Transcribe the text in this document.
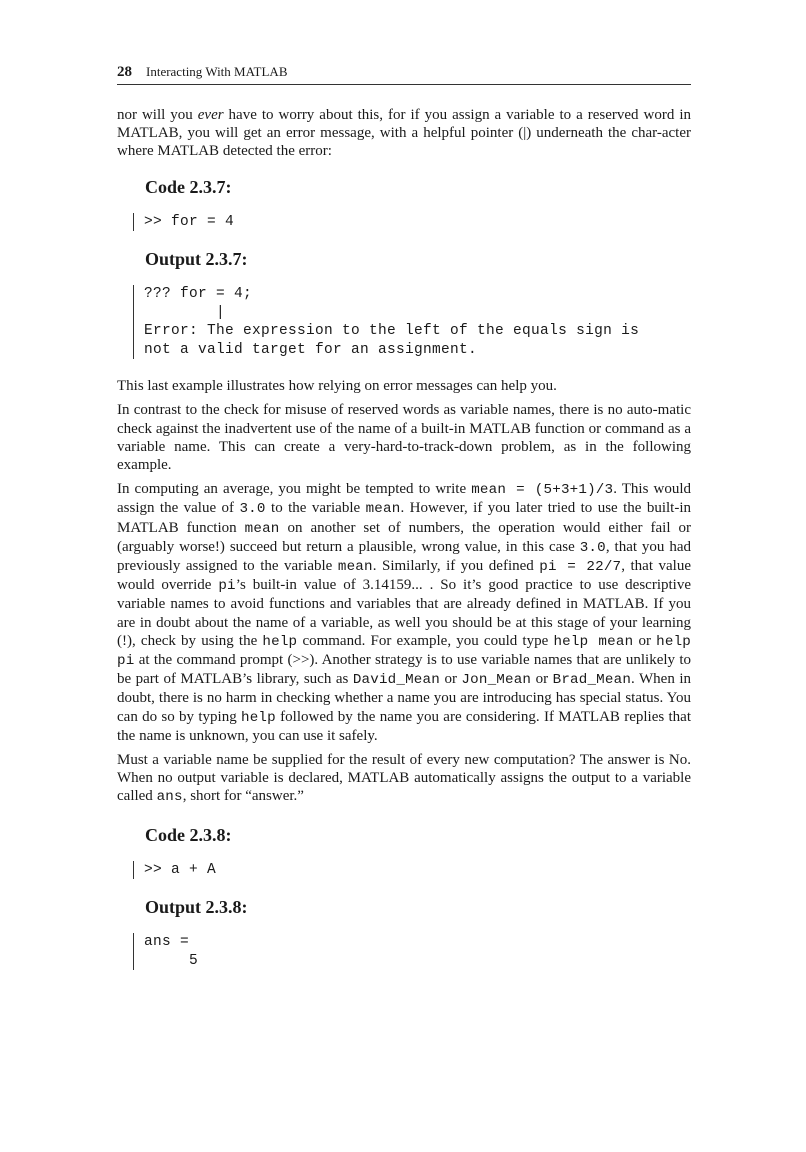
28 Interacting With MATLAB

nor will you ever have to worry about this, for if you assign a variable to a reserved word in MATLAB, you will get an error message, with a helpful pointer (|) underneath the char-acter where MATLAB detected the error:

Code 2.3.7:
>> for = 4
Output 2.3.7:
??? for = 4;
|
Error: The expression to the left of the equals sign is
not a valid target for an assignment.

This last example illustrates how relying on error messages can help you.

In contrast to the check for misuse of reserved words as variable names, there is no auto-matic check against the inadvertent use of the name of a built-in MATLAB function or command as a variable name. This can create a very-hard-to-track-down problem, as in the following example.

In computing an average, you might be tempted to write mean = (5+3+1)/3. This would assign the value of 3.0 to the variable mean. However, if you later tried to use the built-in MATLAB function mean on another set of numbers, the operation would either fail or (arguably worse!) succeed but return a plausible, wrong value, in this case 3.0, that you had previously assigned to the variable mean. Similarly, if you defined pi = 22/7, that value would override pi’s built-in value of 3.14159... . So it’s good practice to use descriptive variable names to avoid functions and variables that are already defined in MATLAB. If you are in doubt about the name of a variable, as well you should be at this stage of your learning (!), check by using the help command. For example, you could type help mean or help pi at the command prompt (>>). Another strategy is to use variable names that are unlikely to be part of MATLAB’s library, such as David_Mean or Jon_Mean or Brad_Mean. When in doubt, there is no harm in checking whether a name you are introducing has special status. You can do so by typing help followed by the name you are considering. If MATLAB replies that the name is unknown, you can use it safely.

Must a variable name be supplied for the result of every new computation? The answer is No. When no output variable is declared, MATLAB automatically assigns the output to a variable called ans, short for “answer.”

Code 2.3.8:
>> a + A
Output 2.3.8:
ans =
5
